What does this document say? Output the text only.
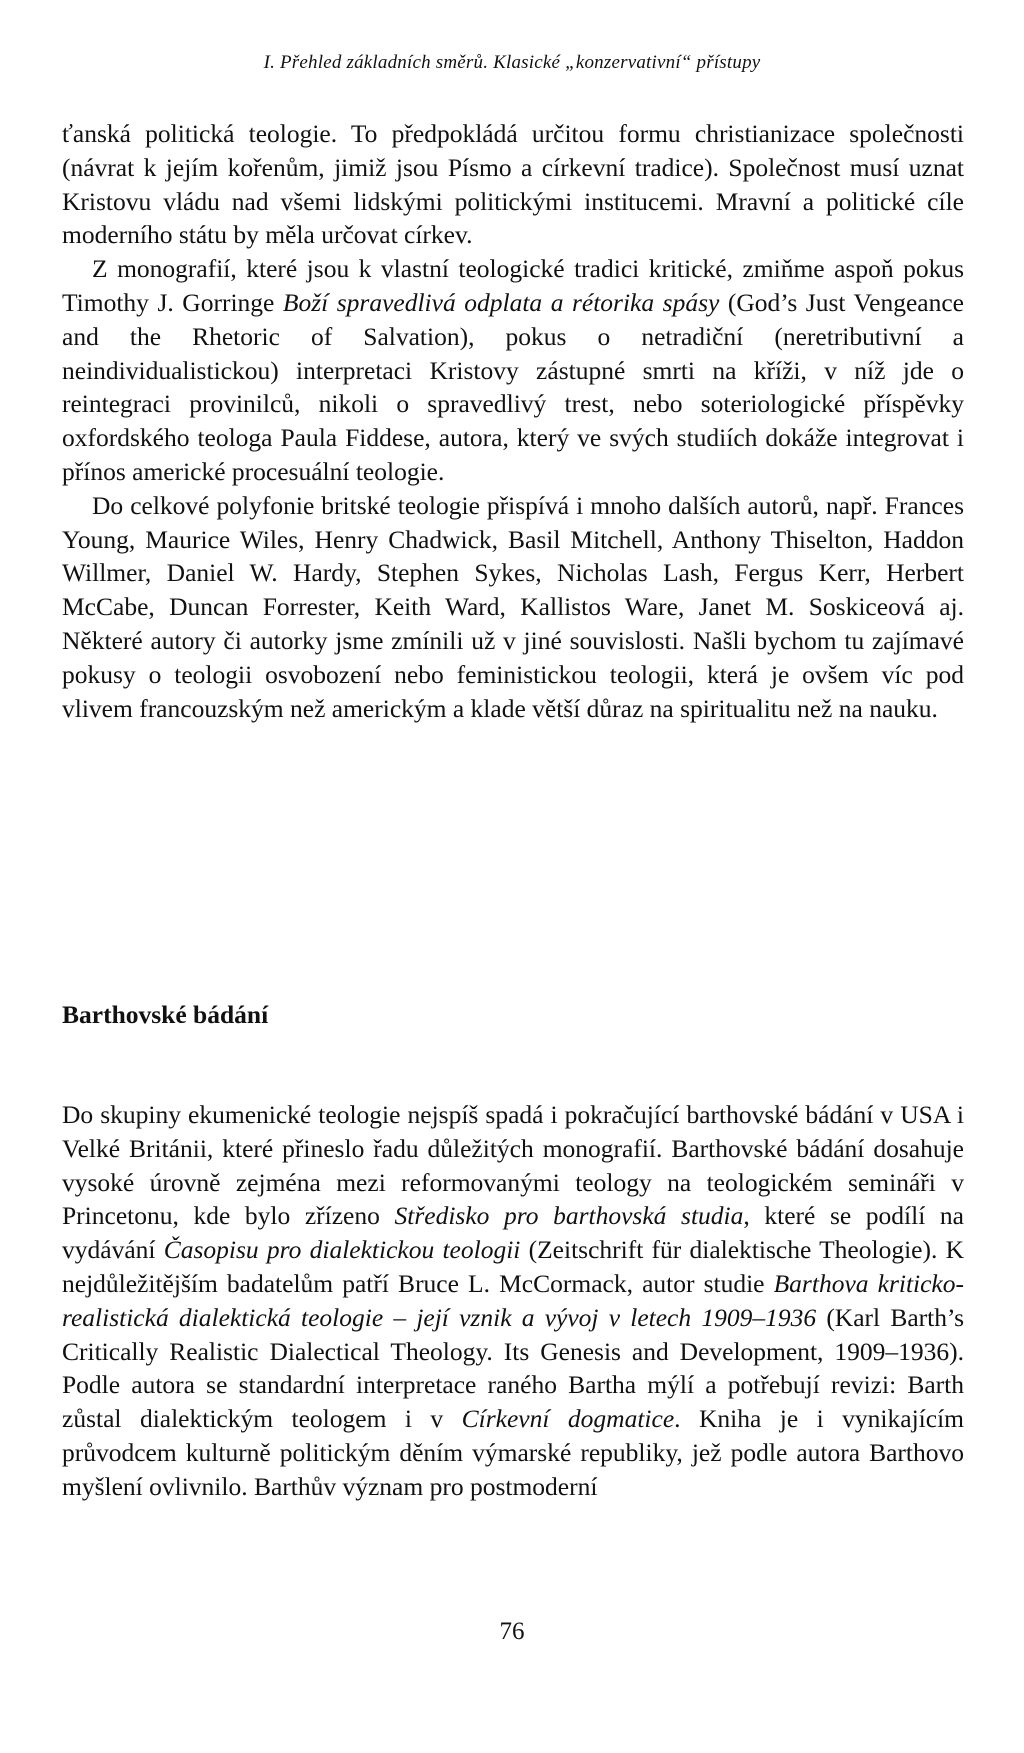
I. Přehled základních směrů. Klasické „konzervativní“ přístupy

ťanská politická teologie. To předpokládá určitou formu christianizace společnosti (návrat k jejím kořenům, jimiž jsou Písmo a církevní tradice). Společnost musí uznat Kristovu vládu nad všemi lidskými politickými institucemi. Mravní a politické cíle moderního státu by měla určovat církev.

Z monografií, které jsou k vlastní teologické tradici kritické, zmiňme aspoň pokus Timothy J. Gorringe Boží spravedlivá odplata a rétorika spásy (God’s Just Vengeance and the Rhetoric of Salvation), pokus o netradiční (neretributivní a neindividualistickou) interpretaci Kristovy zástupné smrti na kříži, v níž jde o reintegraci provinilců, nikoli o spravedlivý trest, nebo soteriologické příspěvky oxfordského teologa Paula Fiddese, autora, který ve svých studiích dokáže integrovat i přínos americké procesuální teologie.

Do celkové polyfonie britské teologie přispívá i mnoho dalších autorů, např. Frances Young, Maurice Wiles, Henry Chadwick, Basil Mitchell, Anthony Thiselton, Haddon Willmer, Daniel W. Hardy, Stephen Sykes, Nicholas Lash, Fergus Kerr, Herbert McCabe, Duncan Forrester, Keith Ward, Kallistos Ware, Janet M. Soskiceová aj. Některé autory či autorky jsme zmínili už v jiné souvislosti. Našli bychom tu zajímavé pokusy o teologii osvobození nebo feministickou teologii, která je ovšem víc pod vlivem francouzským než americkým a klade větší důraz na spiritualitu než na nauku.

Barthovské bádání

Do skupiny ekumenické teologie nejspíš spadá i pokračující barthovské bádání v USA i Velké Británii, které přineslo řadu důležitých monografií. Barthovské bádání dosahuje vysoké úrovně zejména mezi reformovanými teology na teologickém semináři v Princetonu, kde bylo zřízeno Středisko pro barthovská studia, které se podílí na vydávání Časopisu pro dialektickou teologii (Zeitschrift für dialektische Theologie). K nejdůležitějším badatelům patří Bruce L. McCormack, autor studie Barthova kriticko-realistická dialektická teologie – její vznik a vývoj v letech 1909–1936 (Karl Barth’s Critically Realistic Dialectical Theology. Its Genesis and Development, 1909–1936). Podle autora se standardní interpretace raného Bartha mýlí a potřebují revizi: Barth zůstal dialektickým teologem i v Církevní dogmatice. Kniha je i vynikajícím průvodcem kulturně politickým děním výmarské republiky, jež podle autora Barthovo myšlení ovlivnilo. Barthův význam pro postmoderní

76
